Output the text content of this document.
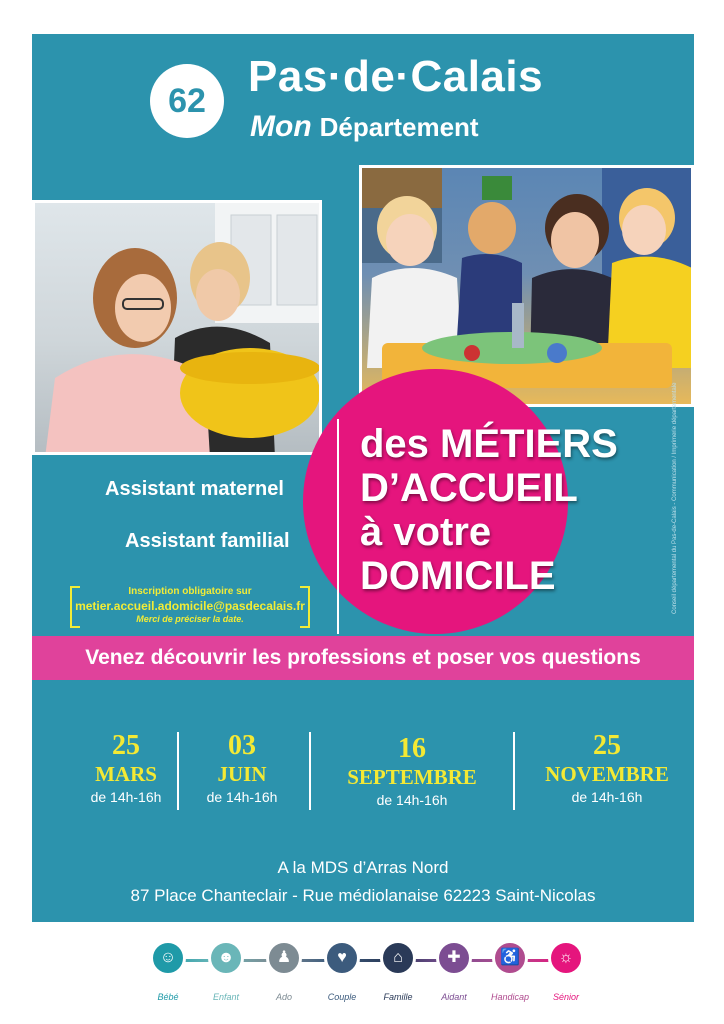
62 Pas·de·Calais
Mon Département
des MÉTIERS
D’ACCUEIL
à votre
DOMICILE
Assistant maternel
Assistant familial
Inscription obligatoire sur
metier.accueil.adomicile@pasdecalais.fr
Merci de préciser la date.
Conseil départemental du Pas-de-Calais - Communication / Imprimerie départementale
Venez découvrir les professions et poser vos questions
25
MARS
de 14h-16h
03
JUIN
de 14h-16h
16
SEPTEMBRE
de 14h-16h
25
NOVEMBRE
de 14h-16h
A la MDS d’Arras Nord
87 Place Chanteclair - Rue médiolanaise 62223 Saint-Nicolas
☺
Bébé
☻
Enfant
♟
Ado
♥
Couple
⌂
Famille
✚
Aidant
♿
Handicap
☼
Sénior
